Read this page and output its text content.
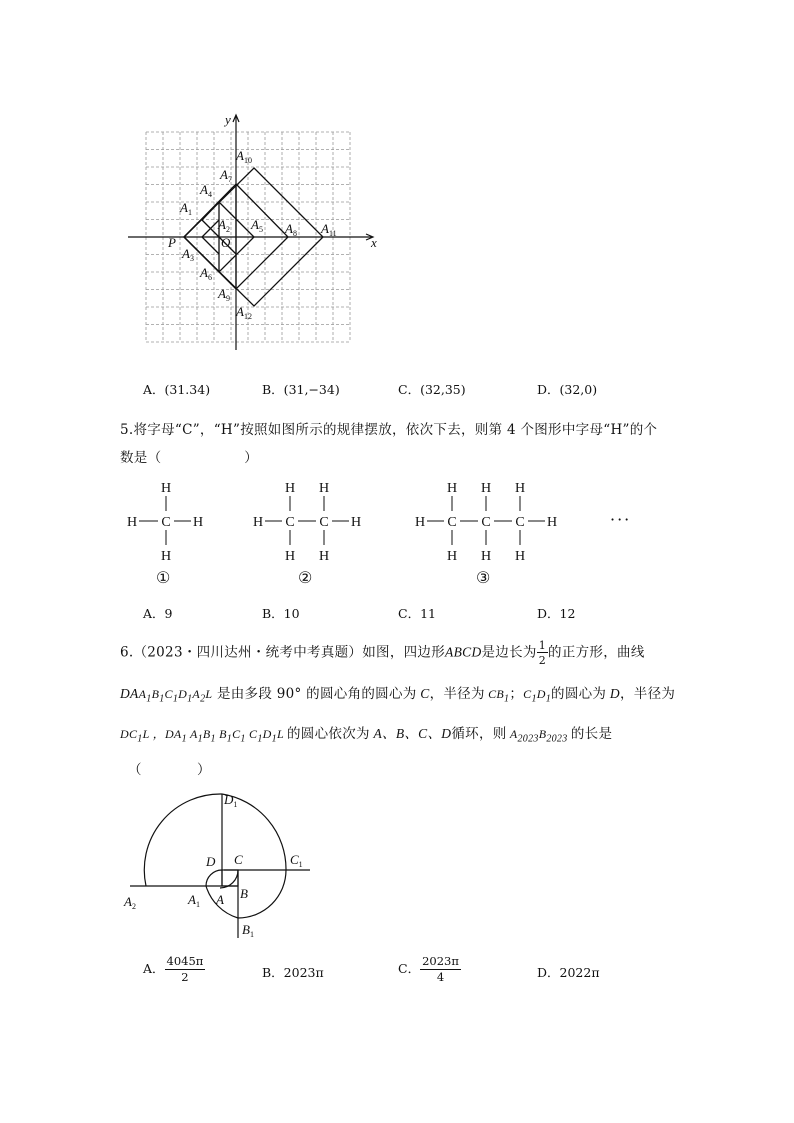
y
x
O
P
$A_{10}$
$A_7$
$A_4$
$A_1$
$A_2$ $A_5$ $A_8$ $A_{11}$
$A_3$
$A_6$
$A_9$
$A_{12}$
A．(31.34)	B．(31,−34)	C．(32,35)	D．(32,0)
5.将字母“C”，“H”按照如图所示的规律摆放，依次下去，则第 4 个图形中字母“H”的个
数是（　　　　　　）
H
C
H
H	H
H H
C C
H H
H	H
H H H
C C C
H H H
H	H	···
①	②	③
A．9	B．10	C．11	D．12
6.（2023・四川达州・统考中考真题）如图，四边形ABCD是边长为 $\frac{1}{2}$ 的正方形，曲线
$DAA_1B_1C_1D_1A_2L$ 是由多段 90° 的圆心角的圆心为 C，半径为 $CB_1$；$C_1D_1$的圆心为 D，半径为
$DC_1L$ ，$DA_1$ $A_1B_1$ $B_1C_1$ $C_1D_1L$ 的圆心依次为 A、B、C、D循环，则 $A_{2023}B_{2023}$ 的长是
（　　　　）
$D_1$
$C_1$
D C
$A_2$	$A_1$ A B
$B_1$
A． $\frac{4045\pi}{2}$	B．2023π	C． $\frac{2023\pi}{4}$	D．2022π
